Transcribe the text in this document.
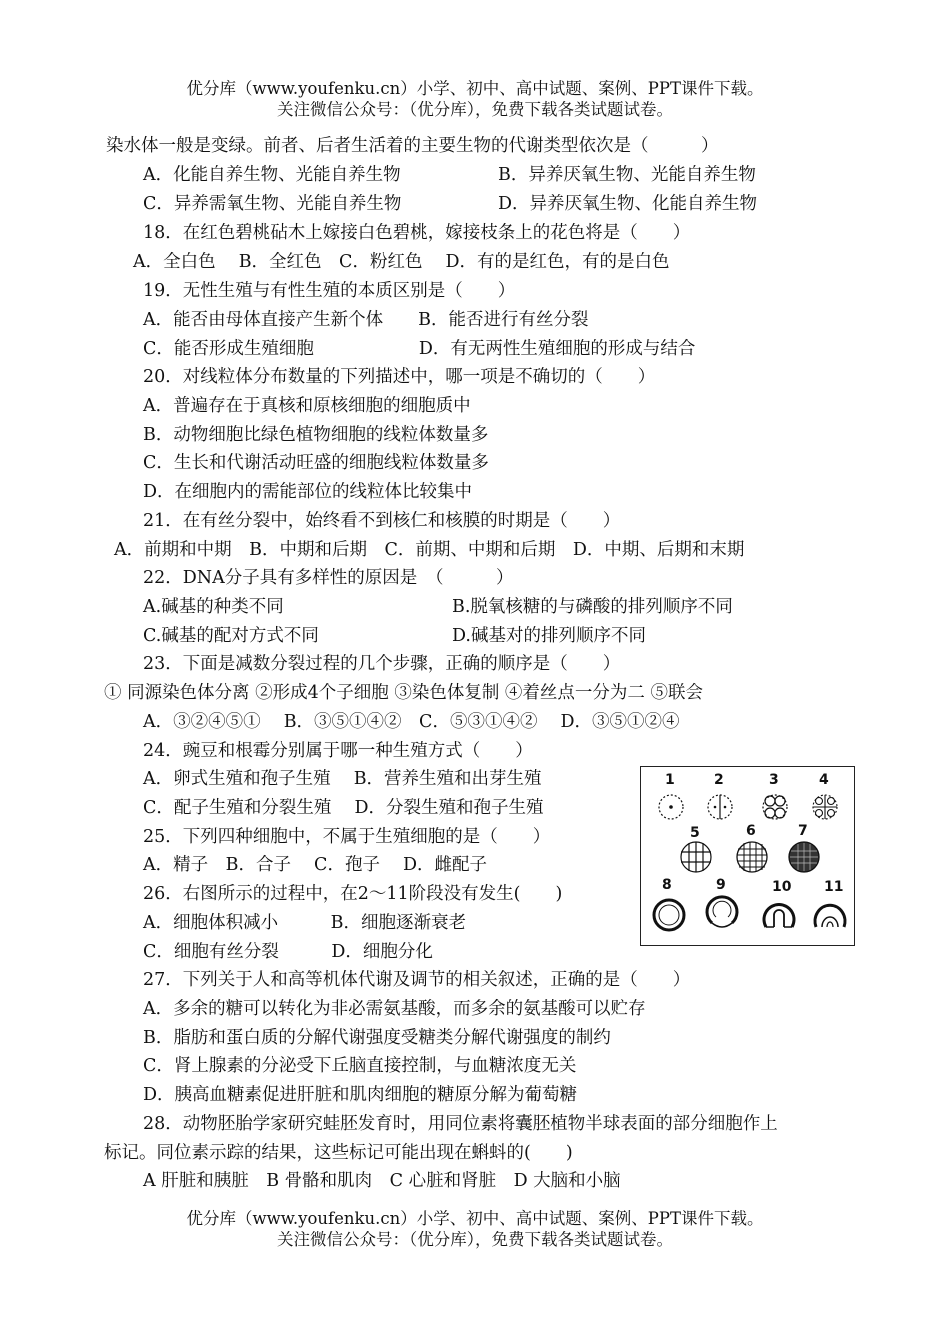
优分库（www.youfenku.cn）小学、初中、高中试题、案例、PPT课件下载。
关注微信公众号：（优分库），免费下载各类试题试卷。
染水体一般是变绿。前者、后者生活着的主要生物的代谢类型依次是（　　　）
A．化能自养生物、光能自养生物	B．异养厌氧生物、光能自养生物
C．异养需氧生物、光能自养生物	D．异养厌氧生物、化能自养生物
18．在红色碧桃砧木上嫁接白色碧桃，嫁接枝条上的花色将是（　　）
A．全白色　 B．全红色　C．粉红色　 D．有的是红色，有的是白色
19．无性生殖与有性生殖的本质区别是（　　）
A．能否由母体直接产生新个体　　B．能否进行有丝分裂
C．能否形成生殖细胞　　　　　　D．有无两性生殖细胞的形成与结合
20．对线粒体分布数量的下列描述中，哪一项是不确切的（　　）
A．普遍存在于真核和原核细胞的细胞质中
B．动物细胞比绿色植物细胞的线粒体数量多
C．生长和代谢活动旺盛的细胞线粒体数量多
D．在细胞内的需能部位的线粒体比较集中
21．在有丝分裂中，始终看不到核仁和核膜的时期是（　　）
A．前期和中期　B．中期和后期　C．前期、中期和后期　D．中期、后期和末期
22．DNA分子具有多样性的原因是　（　　　）
A.碱基的种类不同	B.脱氧核糖的与磷酸的排列顺序不同
C.碱基的配对方式不同	D.碱基对的排列顺序不同
23．下面是减数分裂过程的几个步骤，正确的顺序是（　　）
① 同源染色体分离 ②形成4个子细胞 ③染色体复制 ④着丝点一分为二 ⑤联会
A．③②④⑤①　 B．③⑤①④②　C．⑤③①④②　 D．③⑤①②④
24．豌豆和根霉分别属于哪一种生殖方式（　　）
A．卵式生殖和孢子生殖　 B．营养生殖和出芽生殖
C．配子生殖和分裂生殖　 D．分裂生殖和孢子生殖
25．下列四种细胞中，不属于生殖细胞的是（　　）
A．精子　B．合子　 C．孢子　 D．雌配子
26．右图所示的过程中，在2～11阶段没有发生(　　)
A．细胞体积减小　　　B．细胞逐渐衰老
C．细胞有丝分裂　　　D．细胞分化
27．下列关于人和高等机体代谢及调节的相关叙述，正确的是（　　）
A．多余的糖可以转化为非必需氨基酸，而多余的氨基酸可以贮存
B．脂肪和蛋白质的分解代谢强度受糖类分解代谢强度的制约
C．肾上腺素的分泌受下丘脑直接控制，与血糖浓度无关
D．胰高血糖素促进肝脏和肌肉细胞的糖原分解为葡萄糖
28．动物胚胎学家研究蛙胚发育时，用同位素将囊胚植物半球表面的部分细胞作上
标记。同位素示踪的结果，这些标记可能出现在蝌蚪的(　　)
A 肝脏和胰脏　B 骨骼和肌肉　C 心脏和肾脏　D 大脑和小脑
优分库（www.youfenku.cn）小学、初中、高中试题、案例、PPT课件下载。
关注微信公众号：（优分库），免费下载各类试题试卷。
1	2	3	4
5	6	7
8	9	10 11
